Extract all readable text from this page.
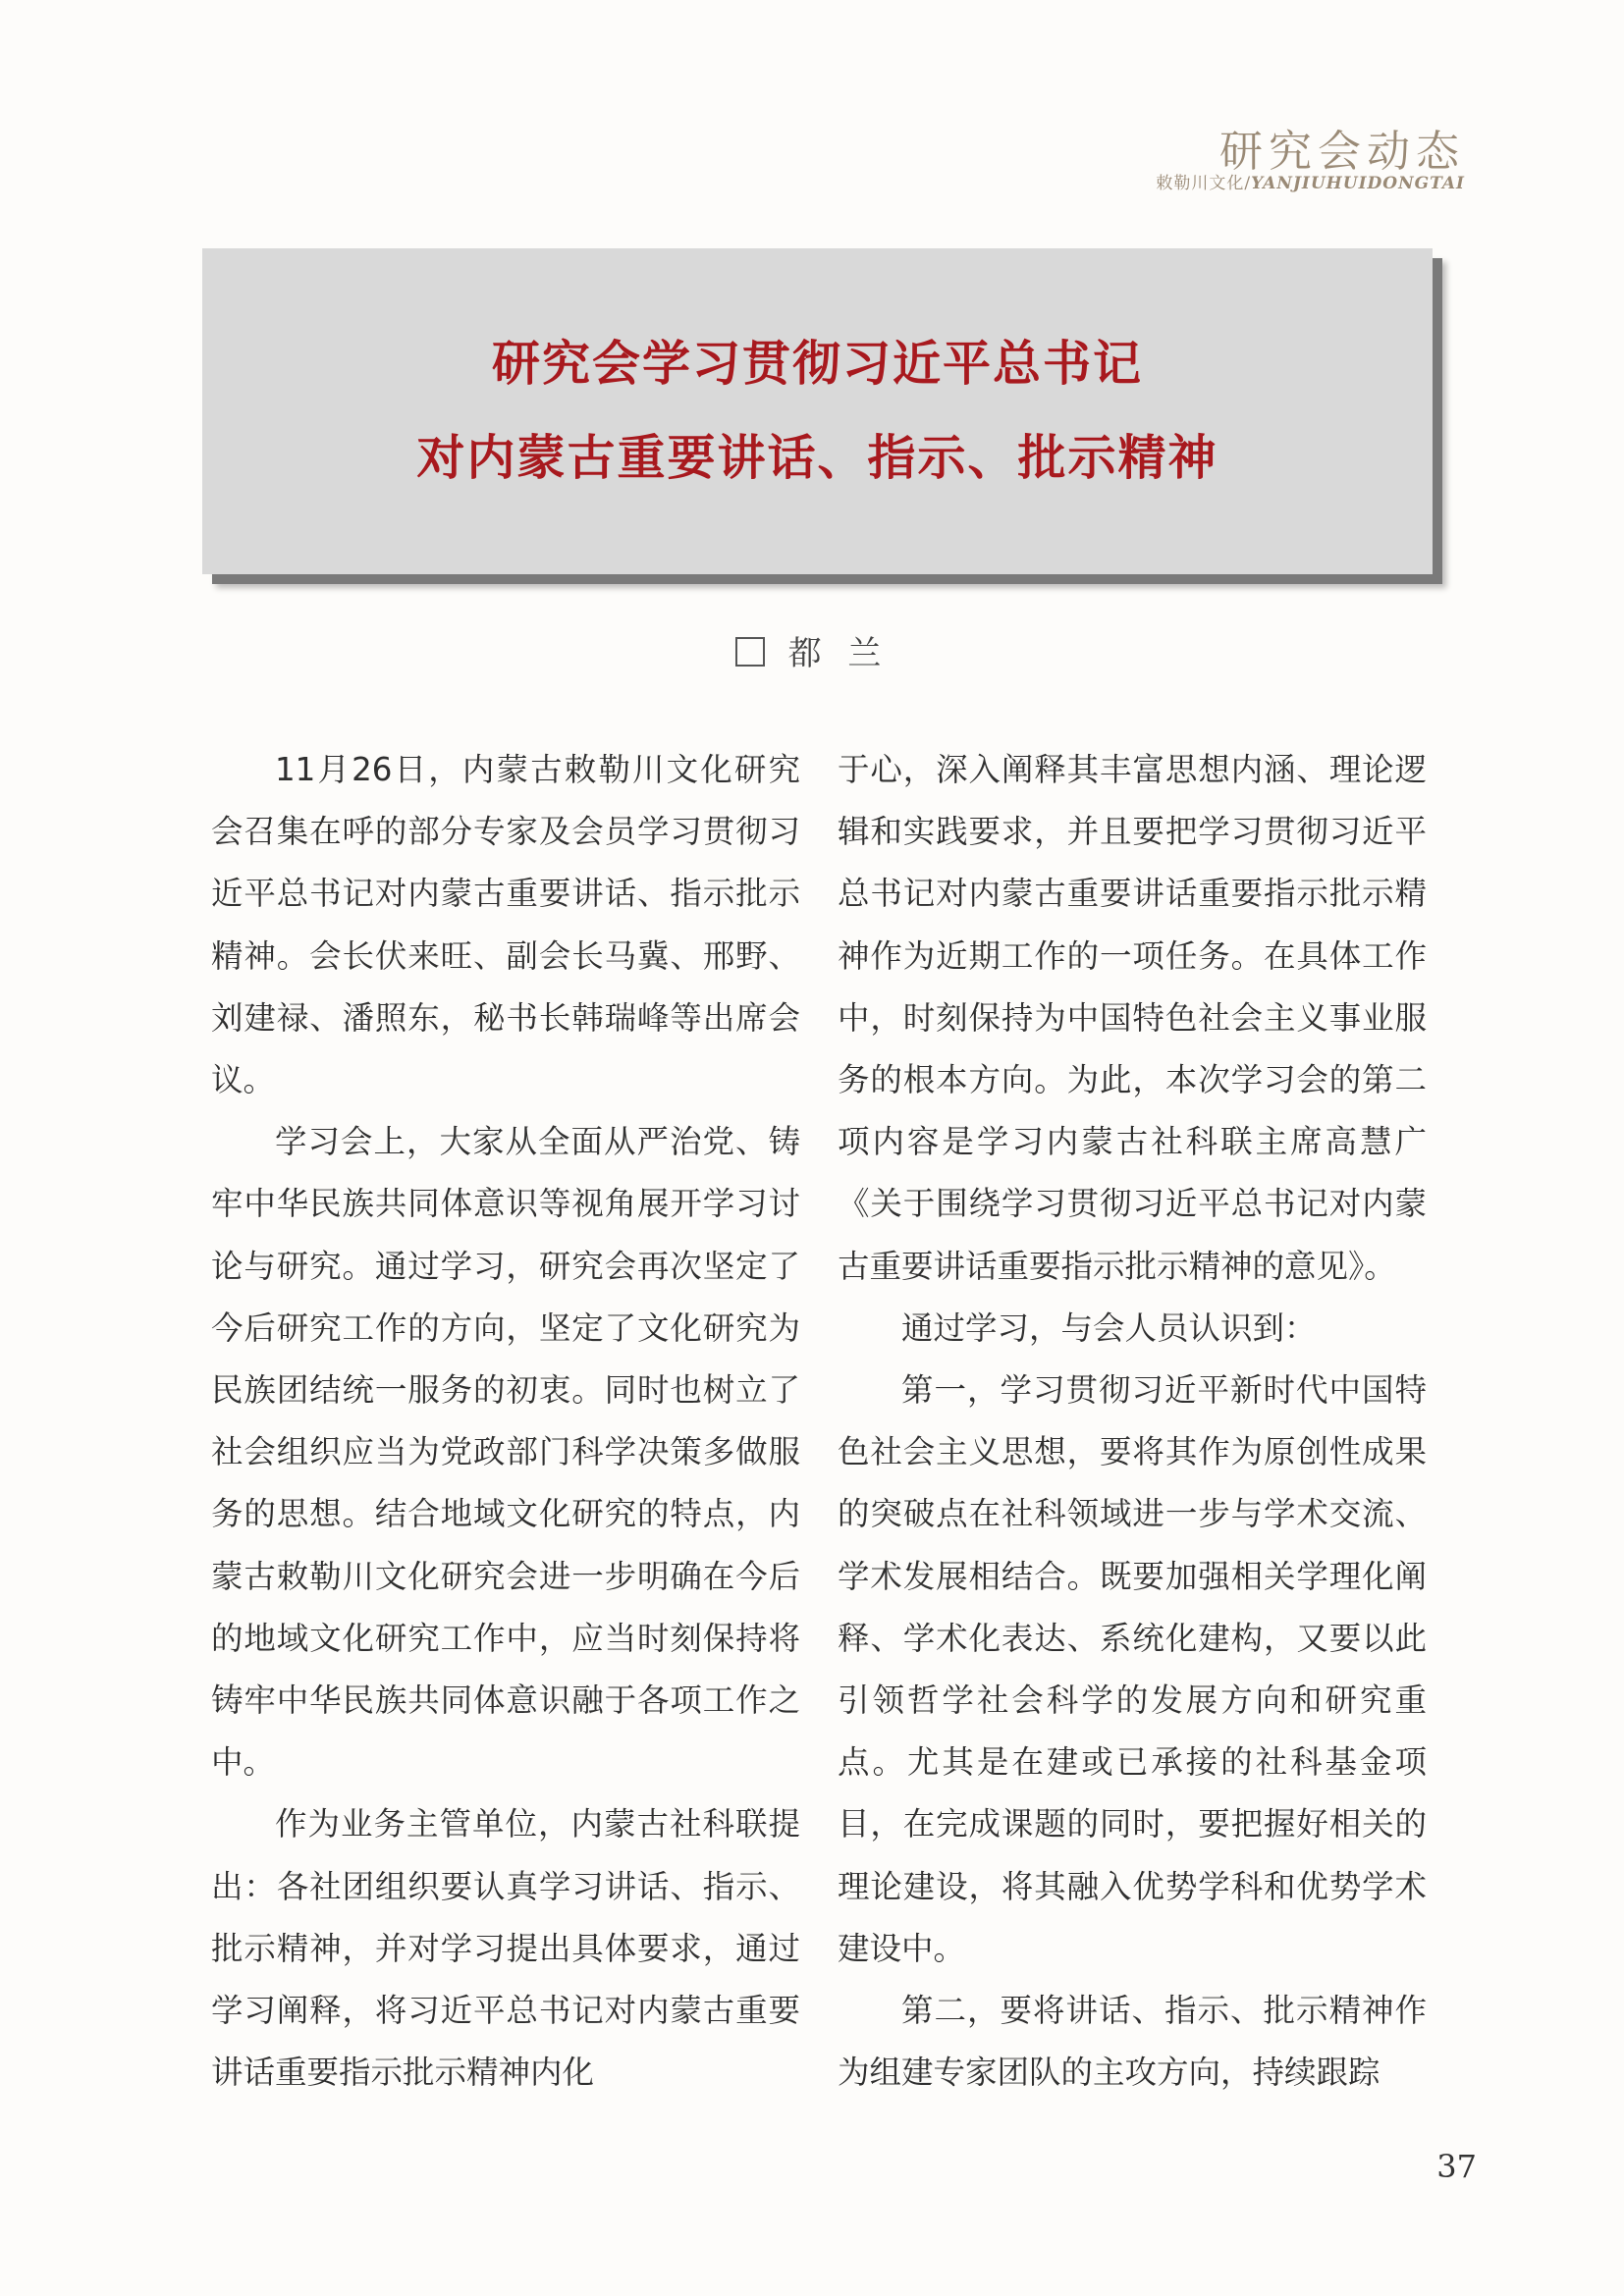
研究会动态
敕勒川文化/YANJIUHUIDONGTAI
研究会学习贯彻习近平总书记
对内蒙古重要讲话、指示、批示精神
都 兰

11月26日，内蒙古敕勒川文化研究会召集在呼的部分专家及会员学习贯彻习近平总书记对内蒙古重要讲话、指示批示精神。会长伏来旺、副会长马冀、邢野、刘建禄、潘照东，秘书长韩瑞峰等出席会议。

学习会上，大家从全面从严治党、铸牢中华民族共同体意识等视角展开学习讨论与研究。通过学习，研究会再次坚定了今后研究工作的方向，坚定了文化研究为民族团结统一服务的初衷。同时也树立了社会组织应当为党政部门科学决策多做服务的思想。结合地域文化研究的特点，内蒙古敕勒川文化研究会进一步明确在今后的地域文化研究工作中，应当时刻保持将铸牢中华民族共同体意识融于各项工作之中。

作为业务主管单位，内蒙古社科联提出：各社团组织要认真学习讲话、指示、批示精神，并对学习提出具体要求，通过学习阐释，将习近平总书记对内蒙古重要讲话重要指示批示精神内化

于心，深入阐释其丰富思想内涵、理论逻辑和实践要求，并且要把学习贯彻习近平总书记对内蒙古重要讲话重要指示批示精神作为近期工作的一项任务。在具体工作中，时刻保持为中国特色社会主义事业服务的根本方向。为此，本次学习会的第二项内容是学习内蒙古社科联主席高慧广《关于围绕学习贯彻习近平总书记对内蒙古重要讲话重要指示批示精神的意见》。

通过学习，与会人员认识到：

第一，学习贯彻习近平新时代中国特色社会主义思想，要将其作为原创性成果的突破点在社科领域进一步与学术交流、学术发展相结合。既要加强相关学理化阐释、学术化表达、系统化建构，又要以此引领哲学社会科学的发展方向和研究重点。尤其是在建或已承接的社科基金项目，在完成课题的同时，要把握好相关的理论建设，将其融入优势学科和优势学术建设中。

第二，要将讲话、指示、批示精神作为组建专家团队的主攻方向，持续跟踪

37
